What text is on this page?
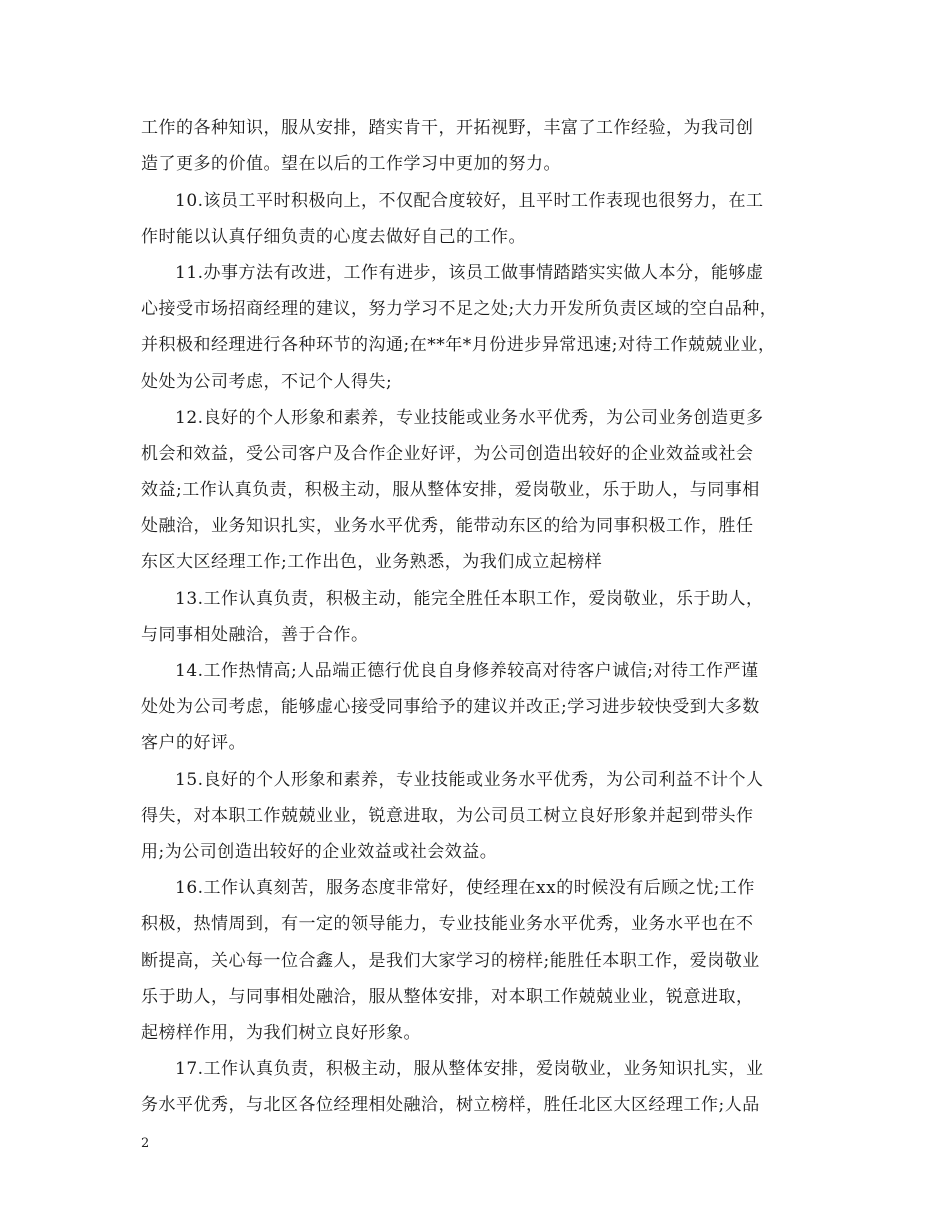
工作的各种知识，服从安排，踏实肯干，开拓视野，丰富了工作经验，为我司创
造了更多的价值。望在以后的工作学习中更加的努力。
10.该员工平时积极向上，不仅配合度较好，且平时工作表现也很努力，在工
作时能以认真仔细负责的心度去做好自己的工作。
11.办事方法有改进，工作有进步，该员工做事情踏踏实实做人本分，能够虚
心接受市场招商经理的建议，努力学习不足之处;大力开发所负责区域的空白品种，
并积极和经理进行各种环节的沟通;在**年*月份进步异常迅速;对待工作兢兢业业，
处处为公司考虑，不记个人得失;
12.良好的个人形象和素养，专业技能或业务水平优秀，为公司业务创造更多
机会和效益，受公司客户及合作企业好评，为公司创造出较好的企业效益或社会
效益;工作认真负责，积极主动，服从整体安排，爱岗敬业，乐于助人，与同事相
处融洽，业务知识扎实，业务水平优秀，能带动东区的给为同事积极工作，胜任
东区大区经理工作;工作出色，业务熟悉，为我们成立起榜样
13.工作认真负责，积极主动，能完全胜任本职工作，爱岗敬业，乐于助人，
与同事相处融洽，善于合作。
14.工作热情高;人品端正德行优良自身修养较高对待客户诚信;对待工作严谨
处处为公司考虑，能够虚心接受同事给予的建议并改正;学习进步较快受到大多数
客户的好评。
15.良好的个人形象和素养，专业技能或业务水平优秀，为公司利益不计个人
得失，对本职工作兢兢业业，锐意进取，为公司员工树立良好形象并起到带头作
用;为公司创造出较好的企业效益或社会效益。
16.工作认真刻苦，服务态度非常好，使经理在xx的时候没有后顾之忧;工作
积极，热情周到，有一定的领导能力，专业技能业务水平优秀，业务水平也在不
断提高，关心每一位合鑫人，是我们大家学习的榜样;能胜任本职工作，爱岗敬业
乐于助人，与同事相处融洽，服从整体安排，对本职工作兢兢业业，锐意进取，
起榜样作用，为我们树立良好形象。
17.工作认真负责，积极主动，服从整体安排，爱岗敬业，业务知识扎实，业
务水平优秀，与北区各位经理相处融洽，树立榜样，胜任北区大区经理工作;人品
2
